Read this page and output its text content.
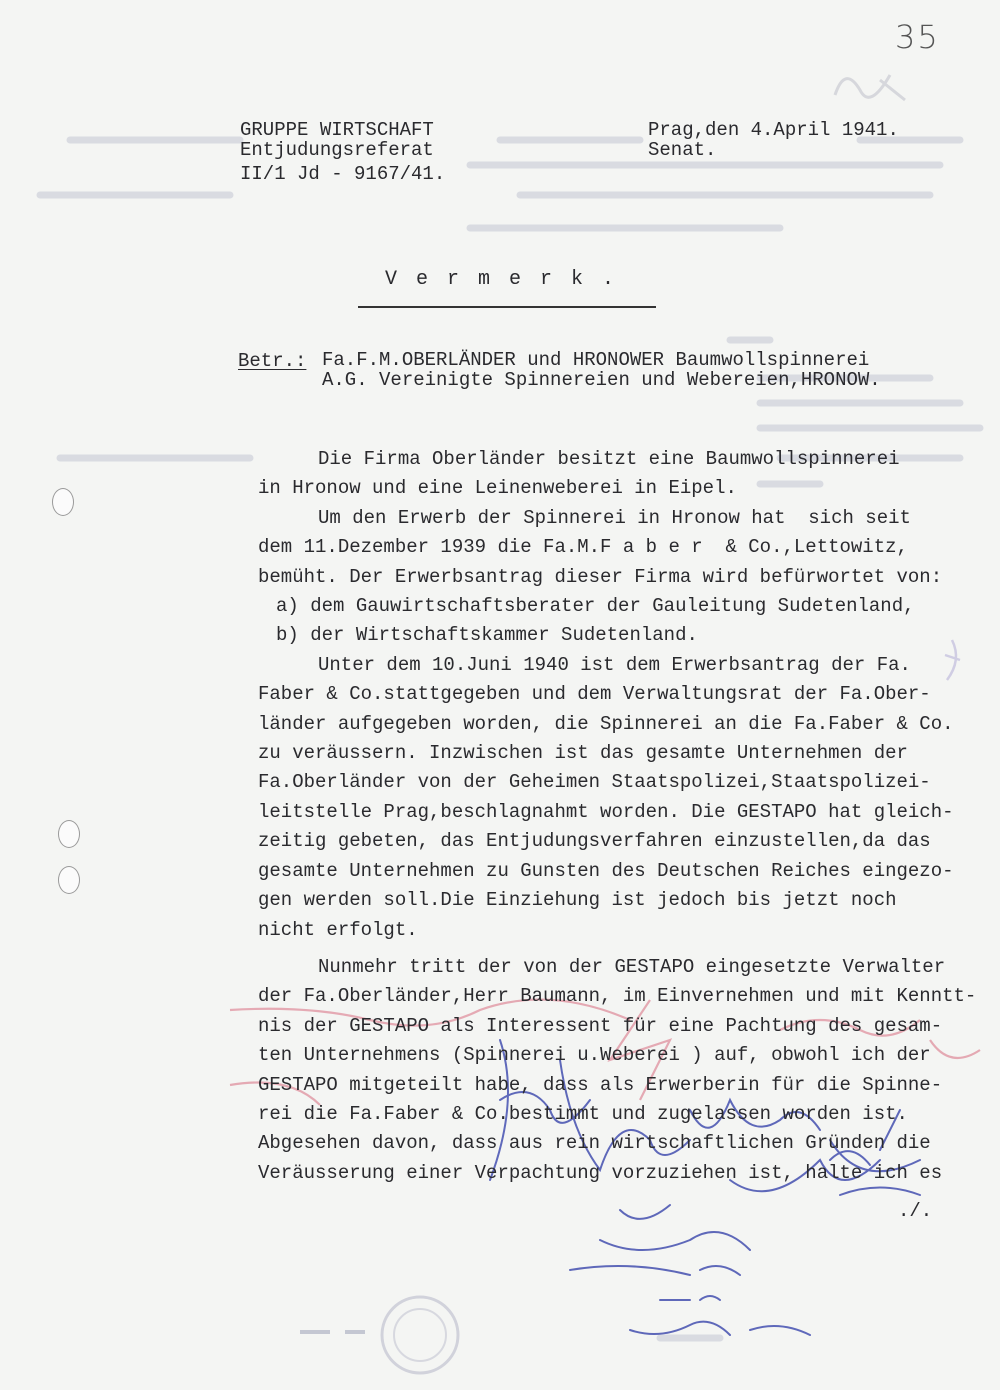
35
GRUPPE WIRTSCHAFT
Entjudungsreferat
II/1 Jd - 9167/41.
Prag,den 4.April 1941.
Senat.
Vermerk.
Betr.: Fa.F.M.OBERLÄNDER und HRONOWER Baumwollspinnerei
A.G. Vereinigte Spinnereien und Webereien,HRONOW.

Die Firma Oberländer besitzt eine Baumwollspinnerei

in Hronow und eine Leinenweberei in Eipel.

Um den Erwerb der Spinnerei in Hronow hat  sich seit

dem 11.Dezember 1939 die Fa.M.F a b e r  & Co.,Lettowitz,

bemüht. Der Erwerbsantrag dieser Firma wird befürwortet von:

a) dem Gauwirtschaftsberater der Gauleitung Sudetenland,

b) der Wirtschaftskammer Sudetenland.

Unter dem 10.Juni 1940 ist dem Erwerbsantrag der Fa.

Faber & Co.stattgegeben und dem Verwaltungsrat der Fa.Ober-

länder aufgegeben worden, die Spinnerei an die Fa.Faber & Co.

zu veräussern. Inzwischen ist das gesamte Unternehmen der

Fa.Oberländer von der Geheimen Staatspolizei,Staatspolizei-

leitstelle Prag,beschlagnahmt worden. Die GESTAPO hat gleich-

zeitig gebeten, das Entjudungsverfahren einzustellen,da das

gesamte Unternehmen zu Gunsten des Deutschen Reiches eingezo-

gen werden soll.Die Einziehung ist jedoch bis jetzt noch

nicht erfolgt.

Nunmehr tritt der von der GESTAPO eingesetzte Verwalter

der Fa.Oberländer,Herr Baumann, im Einvernehmen und mit Kenntt-

nis der GESTAPO als Interessent für eine Pachtung des gesam-

ten Unternehmens (Spinnerei u.Weberei ) auf, obwohl ich der

GESTAPO mitgeteilt habe, dass als Erwerberin für die Spinne-

rei die Fa.Faber & Co.bestimmt und zugelassen worden ist.

Abgesehen davon, dass aus rein wirtschaftlichen Gründen die

Veräusserung einer Verpachtung vorzuziehen ist, halte ich es

./.
